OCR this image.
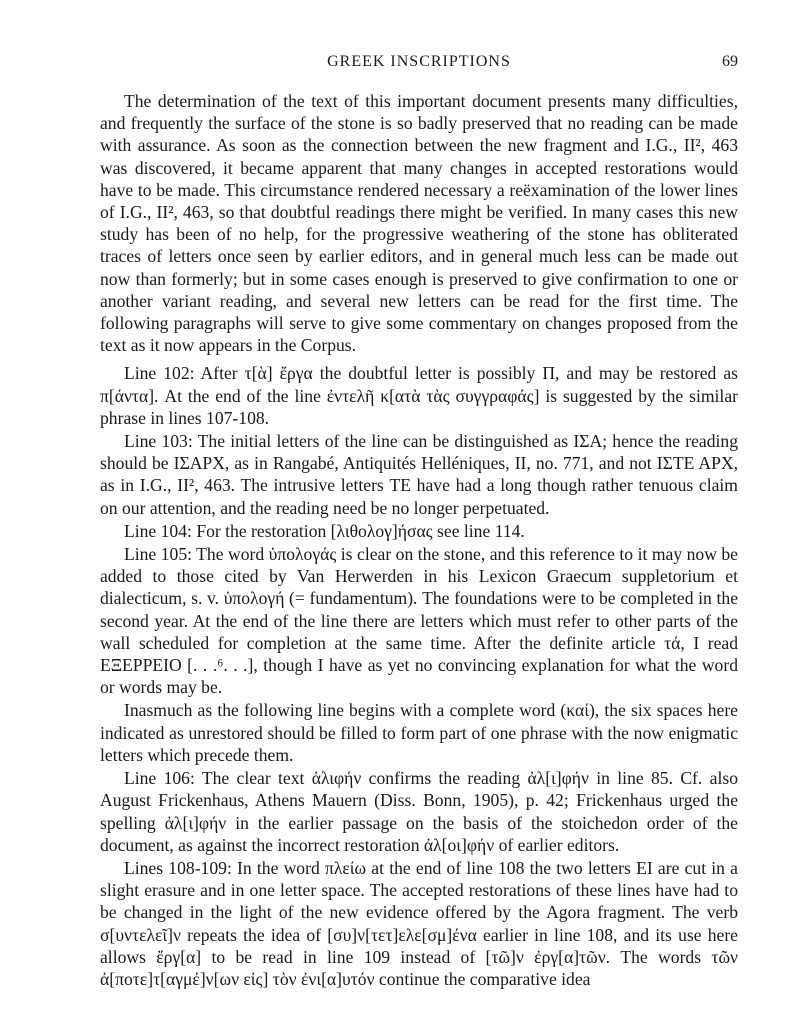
GREEK INSCRIPTIONS	69

The determination of the text of this important document presents many difficulties, and frequently the surface of the stone is so badly preserved that no reading can be made with assurance. As soon as the connection between the new fragment and I.G., II², 463 was discovered, it became apparent that many changes in accepted restorations would have to be made. This circumstance rendered necessary a reëxamination of the lower lines of I.G., II², 463, so that doubtful readings there might be verified. In many cases this new study has been of no help, for the progressive weathering of the stone has obliterated traces of letters once seen by earlier editors, and in general much less can be made out now than formerly; but in some cases enough is preserved to give confirmation to one or another variant reading, and several new letters can be read for the first time. The following paragraphs will serve to give some commentary on changes proposed from the text as it now appears in the Corpus.

Line 102: After τ[ὰ] ἔργα the doubtful letter is possibly Π, and may be restored as π[άντα]. At the end of the line ἐντελῆ κ[ατὰ τὰς συγγραφάς] is suggested by the similar phrase in lines 107-108.

Line 103: The initial letters of the line can be distinguished as ΙΣΑ; hence the reading should be ΙΣΑΡΧ, as in Rangabé, Antiquités Helléniques, II, no. 771, and not ΙΣΤΕ ΑΡΧ, as in I.G., II², 463. The intrusive letters ΤΕ have had a long though rather tenuous claim on our attention, and the reading need be no longer perpetuated.

Line 104: For the restoration [λιθολογ]ήσας see line 114.

Line 105: The word ὑπολογάς is clear on the stone, and this reference to it may now be added to those cited by Van Herwerden in his Lexicon Graecum suppletorium et dialecticum, s. v. ὑπολογή (= fundamentum). The foundations were to be completed in the second year. At the end of the line there are letters which must refer to other parts of the wall scheduled for completion at the same time. After the definite article τά, I read ΕΞΕΡΡΕΙΟ [. . .⁶. . .], though I have as yet no convincing explanation for what the word or words may be.

Inasmuch as the following line begins with a complete word (καί), the six spaces here indicated as unrestored should be filled to form part of one phrase with the now enigmatic letters which precede them.

Line 106: The clear text ἁλιφήν confirms the reading ἀλ[ι]φήν in line 85. Cf. also August Frickenhaus, Athens Mauern (Diss. Bonn, 1905), p. 42; Frickenhaus urged the spelling ἀλ[ι]φήν in the earlier passage on the basis of the stoichedon order of the document, as against the incorrect restoration ἀλ[οι]φήν of earlier editors.

Lines 108-109: In the word πλείω at the end of line 108 the two letters ΕΙ are cut in a slight erasure and in one letter space. The accepted restorations of these lines have had to be changed in the light of the new evidence offered by the Agora fragment. The verb σ[υντελεῖ]ν repeats the idea of [συ]ν[τετ]ελε[σμ]ένα earlier in line 108, and its use here allows ἔργ[α] to be read in line 109 instead of [τῶ]ν ἐργ[α]τῶν. The words τῶν ἀ[ποτε]τ[αγμέ]ν[ων εἰς] τὸν ἐνι[α]υτόν continue the comparative idea
